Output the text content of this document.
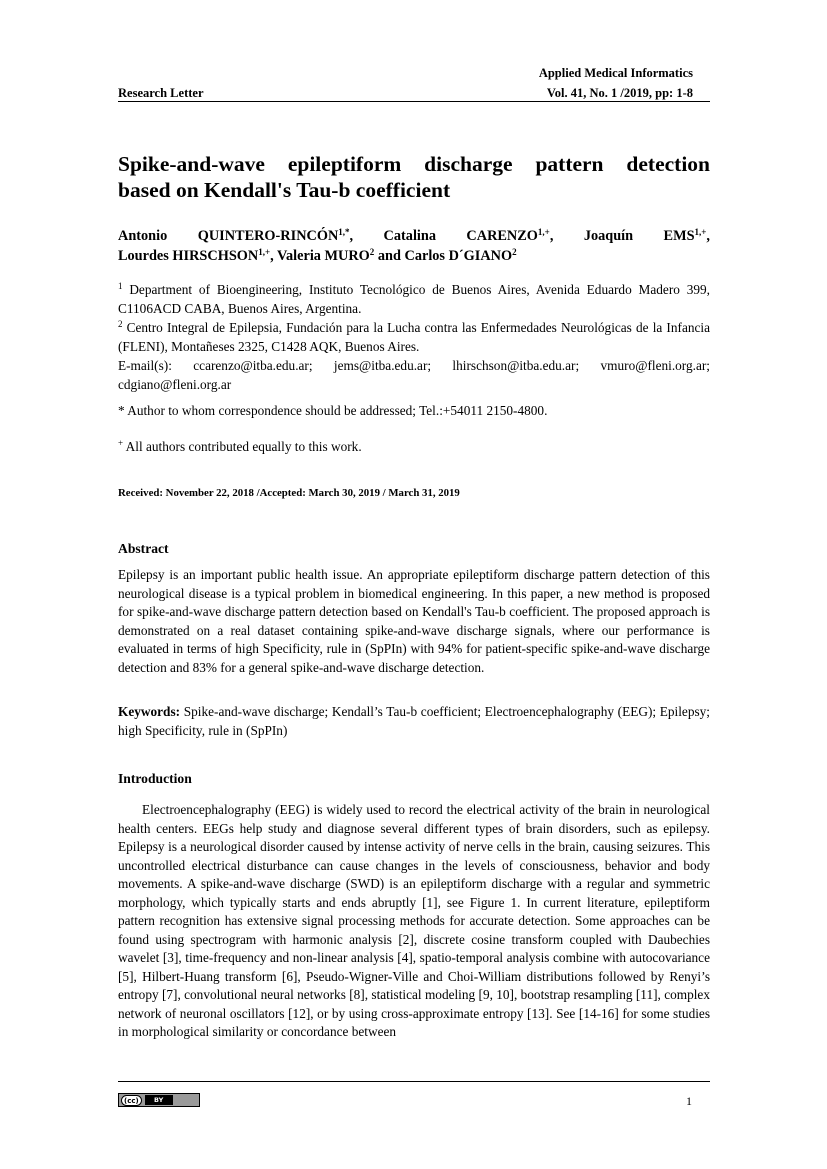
Applied Medical Informatics
Research Letter	Vol. 41, No. 1 /2019, pp: 1-8
Spike-and-wave epileptiform discharge pattern detection
based on Kendall's Tau-b coefficient
Antonio QUINTERO-$RINCÓN^{1,*}$, Catalina $CARENZO^{1,+}$, Joaquín $EMS^{1,+}$,
Lourdes $HIRSCHSON^{1,+}$, Valeria MURO$^2$ and Carlos D´GIANO$^2$

$^1$ Department of Bioengineering, Instituto Tecnológico de Buenos Aires, Avenida Eduardo Madero 399, C1106ACD CABA, Buenos Aires, Argentina.

$^2$ Centro Integral de Epilepsia, Fundación para la Lucha contra las Enfermedades Neurológicas de la Infancia (FLENI), Montañeses 2325, C1428 AQK, Buenos Aires.

E-mail(s): ccarenzo@itba.edu.ar; jems@itba.edu.ar; lhirschson@itba.edu.ar; vmuro@fleni.org.ar;

cdgiano@fleni.org.ar

* Author to whom correspondence should be addressed; Tel.:+54011 2150-4800.
+ All authors contributed equally to this work.
Received: November 22, 2018 /Accepted: March 30, 2019 / March 31, 2019
Abstract
Epilepsy is an important public health issue. An appropriate epileptiform discharge pattern detection of this neurological disease is a typical problem in biomedical engineering. In this paper, a new method is proposed for spike-and-wave discharge pattern detection based on Kendall's Tau-b coefficient. The proposed approach is demonstrated on a real dataset containing spike-and-wave discharge signals, where our performance is evaluated in terms of high Specificity, rule in (SpPIn) with 94% for patient-specific spike-and-wave discharge detection and 83% for a general spike-and-wave discharge detection.
Keywords: Spike-and-wave discharge; Kendall’s Tau-b coefficient; Electroencephalography (EEG); Epilepsy; high Specificity, rule in (SpPIn)
Introduction
Electroencephalography (EEG) is widely used to record the electrical activity of the brain in neurological health centers. EEGs help study and diagnose several different types of brain disorders, such as epilepsy. Epilepsy is a neurological disorder caused by intense activity of nerve cells in the brain, causing seizures. This uncontrolled electrical disturbance can cause changes in the levels of consciousness, behavior and body movements. A spike-and-wave discharge (SWD) is an epileptiform discharge with a regular and symmetric morphology, which typically starts and ends abruptly [1], see Figure 1. In current literature, epileptiform pattern recognition has extensive signal processing methods for accurate detection. Some approaches can be found using spectrogram with harmonic analysis [2], discrete cosine transform coupled with Daubechies wavelet [3], time-frequency and non-linear analysis [4], spatio-temporal analysis combine with autocovariance [5], Hilbert-Huang transform [6], Pseudo-Wigner-Ville and Choi-William distributions followed by Renyi’s entropy [7], convolutional neural networks [8], statistical modeling [9, 10], bootstrap resampling [11], complex network of neuronal oscillators [12], or by using cross-approximate entropy [13]. See [14-16] for some studies in morphological similarity or concordance between
(cc)	BY	1
